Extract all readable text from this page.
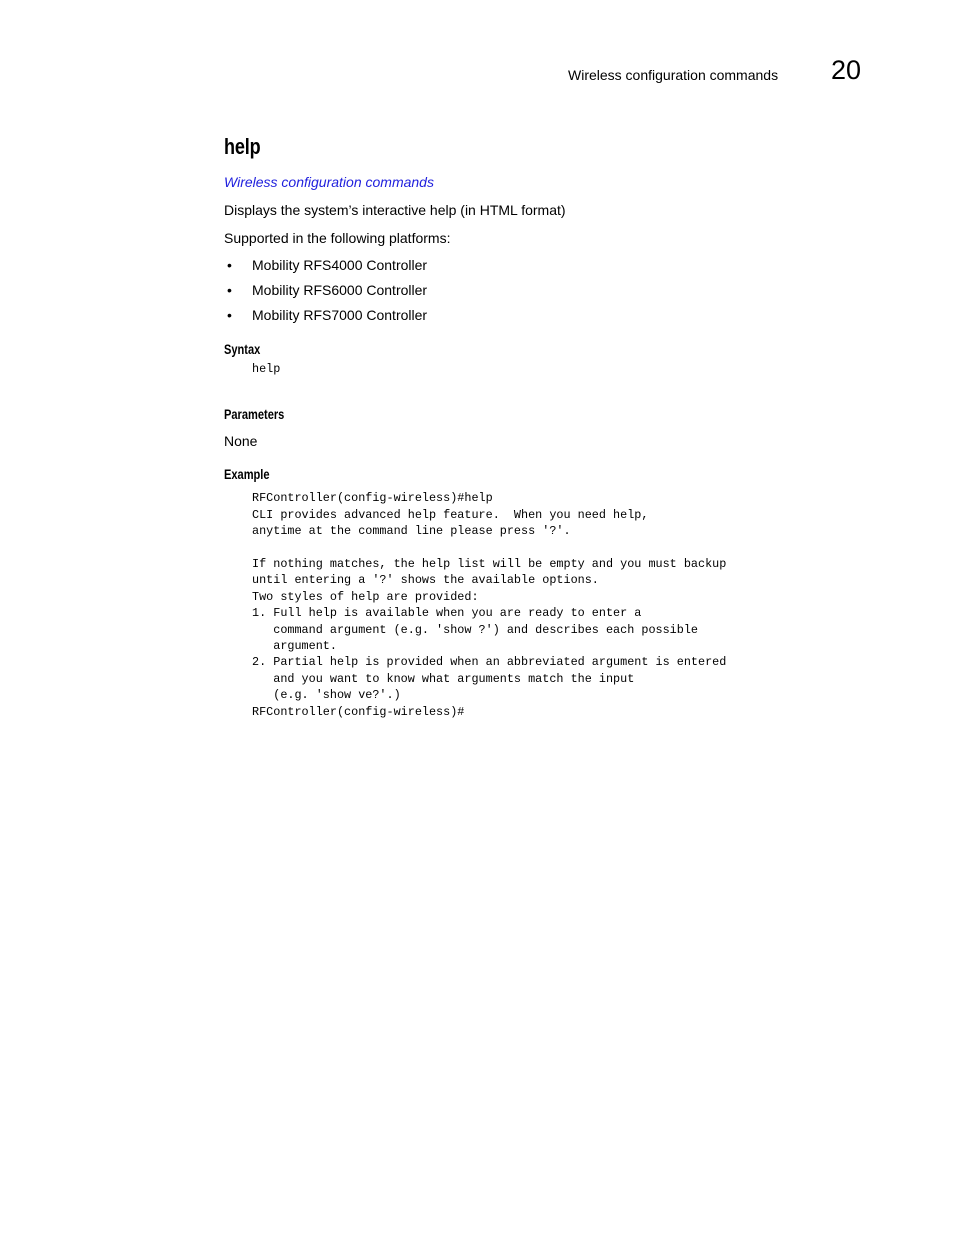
Wireless configuration commands 20
help
Wireless configuration commands

Displays the system’s interactive help (in HTML format)

Supported in the following platforms:

• Mobility RFS4000 Controller
• Mobility RFS6000 Controller
• Mobility RFS7000 Controller
Syntax
help
Parameters

None

Example
RFController(config-wireless)#help
CLI provides advanced help feature.  When you need help,
anytime at the command line please press '?'.

If nothing matches, the help list will be empty and you must backup
until entering a '?' shows the available options.
Two styles of help are provided:
1. Full help is available when you are ready to enter a
command argument (e.g. 'show ?') and describes each possible
argument.
2. Partial help is provided when an abbreviated argument is entered
and you want to know what arguments match the input
(e.g. 'show ve?'.)
RFController(config-wireless)#
